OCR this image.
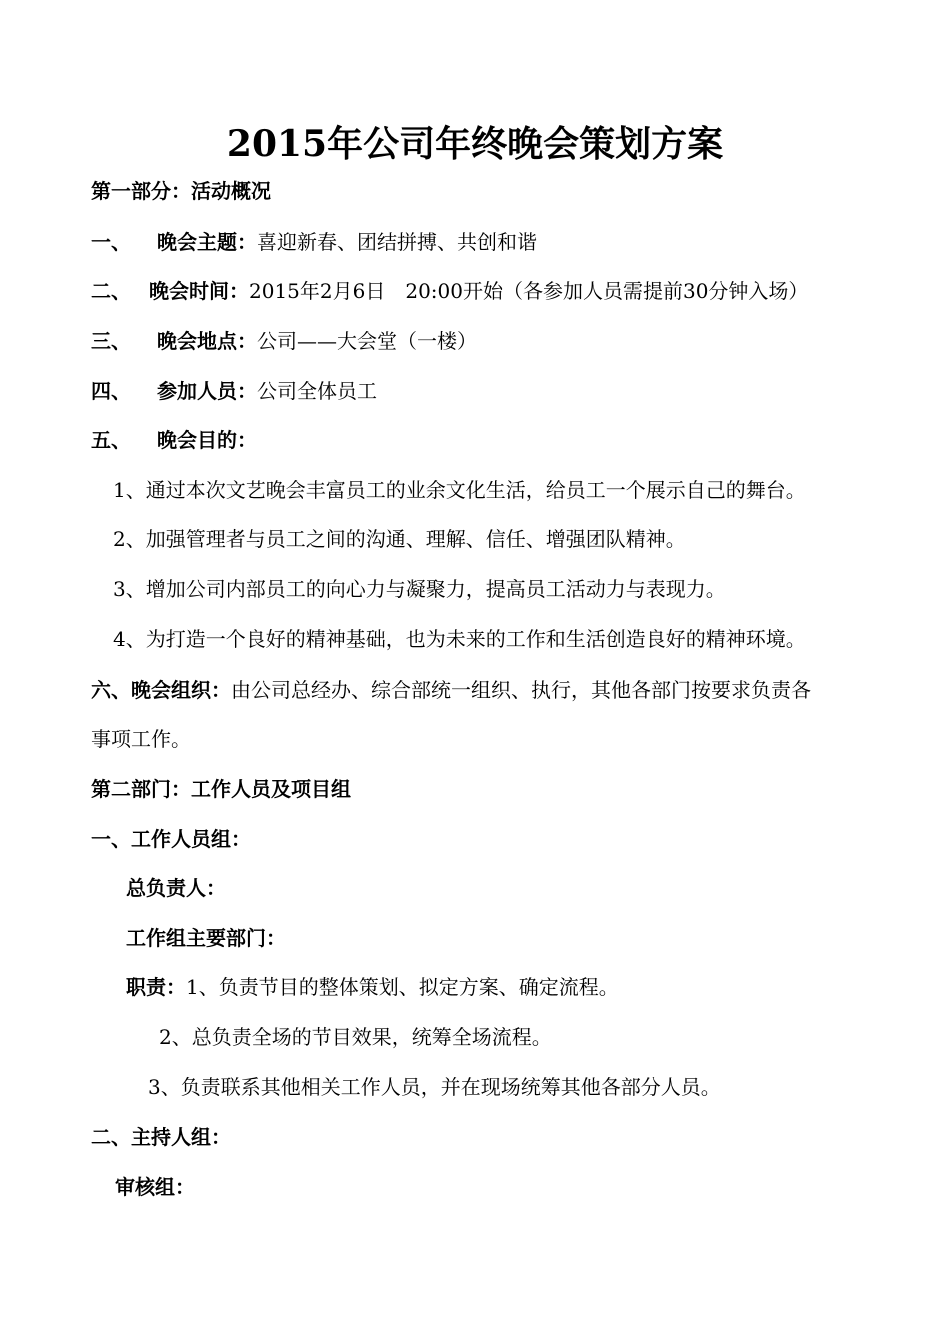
2015年公司年终晚会策划方案
第一部分：活动概况
一、 晚会主题：喜迎新春、团结拼搏、共创和谐
二、 晚会时间：2015年2月6日　20:00开始（各参加人员需提前30分钟入场）
三、 晚会地点：公司——大会堂（一楼）
四、 参加人员：公司全体员工
五、 晚会目的：
1、通过本次文艺晚会丰富员工的业余文化生活，给员工一个展示自己的舞台。
2、加强管理者与员工之间的沟通、理解、信任、增强团队精神。
3、增加公司内部员工的向心力与凝聚力，提高员工活动力与表现力。
4、为打造一个良好的精神基础，也为未来的工作和生活创造良好的精神环境。
六、晚会组织：由公司总经办、综合部统一组织、执行，其他各部门按要求负责各
事项工作。
第二部门：工作人员及项目组
一、工作人员组：
总负责人：
工作组主要部门：
职责：1、负责节目的整体策划、拟定方案、确定流程。
2、总负责全场的节目效果，统筹全场流程。
3、负责联系其他相关工作人员，并在现场统筹其他各部分人员。
二、主持人组：
审核组：
